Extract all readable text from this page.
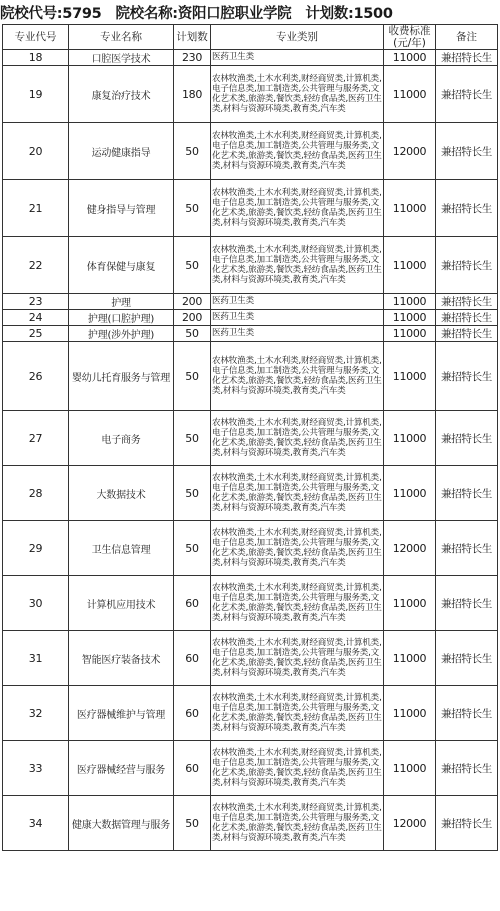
院校代号:5795 院校名称:资阳口腔职业学院 计划数:1500
专业代号	专业名称	计划数	专业类别	收费标准(元/年)	备注
18	口腔医学技术	230	医药卫生类	11000	兼招特长生
19	康复治疗技术	180	农林牧渔类,土木水利类,财经商贸类,计算机类,电子信息类,加工制造类,公共管理与服务类,文化艺术类,旅游类,餐饮类,轻纺食品类,医药卫生类,材料与资源环境类,教育类,汽车类	11000	兼招特长生
20	运动健康指导	50	农林牧渔类,土木水利类,财经商贸类,计算机类,电子信息类,加工制造类,公共管理与服务类,文化艺术类,旅游类,餐饮类,轻纺食品类,医药卫生类,材料与资源环境类,教育类,汽车类	12000	兼招特长生
21	健身指导与管理	50	农林牧渔类,土木水利类,财经商贸类,计算机类,电子信息类,加工制造类,公共管理与服务类,文化艺术类,旅游类,餐饮类,轻纺食品类,医药卫生类,材料与资源环境类,教育类,汽车类	11000	兼招特长生
22	体育保健与康复	50	农林牧渔类,土木水利类,财经商贸类,计算机类,电子信息类,加工制造类,公共管理与服务类,文化艺术类,旅游类,餐饮类,轻纺食品类,医药卫生类,材料与资源环境类,教育类,汽车类	11000	兼招特长生
23	护理	200	医药卫生类	11000	兼招特长生
24	护理(口腔护理)	200	医药卫生类	11000	兼招特长生
25	护理(涉外护理)	50	医药卫生类	11000	兼招特长生
26	婴幼儿托育服务与管理	50	农林牧渔类,土木水利类,财经商贸类,计算机类,电子信息类,加工制造类,公共管理与服务类,文化艺术类,旅游类,餐饮类,轻纺食品类,医药卫生类,材料与资源环境类,教育类,汽车类	11000	兼招特长生
27	电子商务	50	农林牧渔类,土木水利类,财经商贸类,计算机类,电子信息类,加工制造类,公共管理与服务类,文化艺术类,旅游类,餐饮类,轻纺食品类,医药卫生类,材料与资源环境类,教育类,汽车类	11000	兼招特长生
28	大数据技术	50	农林牧渔类,土木水利类,财经商贸类,计算机类,电子信息类,加工制造类,公共管理与服务类,文化艺术类,旅游类,餐饮类,轻纺食品类,医药卫生类,材料与资源环境类,教育类,汽车类	11000	兼招特长生
29	卫生信息管理	50	农林牧渔类,土木水利类,财经商贸类,计算机类,电子信息类,加工制造类,公共管理与服务类,文化艺术类,旅游类,餐饮类,轻纺食品类,医药卫生类,材料与资源环境类,教育类,汽车类	12000	兼招特长生
30	计算机应用技术	60	农林牧渔类,土木水利类,财经商贸类,计算机类,电子信息类,加工制造类,公共管理与服务类,文化艺术类,旅游类,餐饮类,轻纺食品类,医药卫生类,材料与资源环境类,教育类,汽车类	11000	兼招特长生
31	智能医疗装备技术	60	农林牧渔类,土木水利类,财经商贸类,计算机类,电子信息类,加工制造类,公共管理与服务类,文化艺术类,旅游类,餐饮类,轻纺食品类,医药卫生类,材料与资源环境类,教育类,汽车类	11000	兼招特长生
32	医疗器械维护与管理	60	农林牧渔类,土木水利类,财经商贸类,计算机类,电子信息类,加工制造类,公共管理与服务类,文化艺术类,旅游类,餐饮类,轻纺食品类,医药卫生类,材料与资源环境类,教育类,汽车类	11000	兼招特长生
33	医疗器械经营与服务	60	农林牧渔类,土木水利类,财经商贸类,计算机类,电子信息类,加工制造类,公共管理与服务类,文化艺术类,旅游类,餐饮类,轻纺食品类,医药卫生类,材料与资源环境类,教育类,汽车类	11000	兼招特长生
34	健康大数据管理与服务	50	农林牧渔类,土木水利类,财经商贸类,计算机类,电子信息类,加工制造类,公共管理与服务类,文化艺术类,旅游类,餐饮类,轻纺食品类,医药卫生类,材料与资源环境类,教育类,汽车类	12000	兼招特长生
